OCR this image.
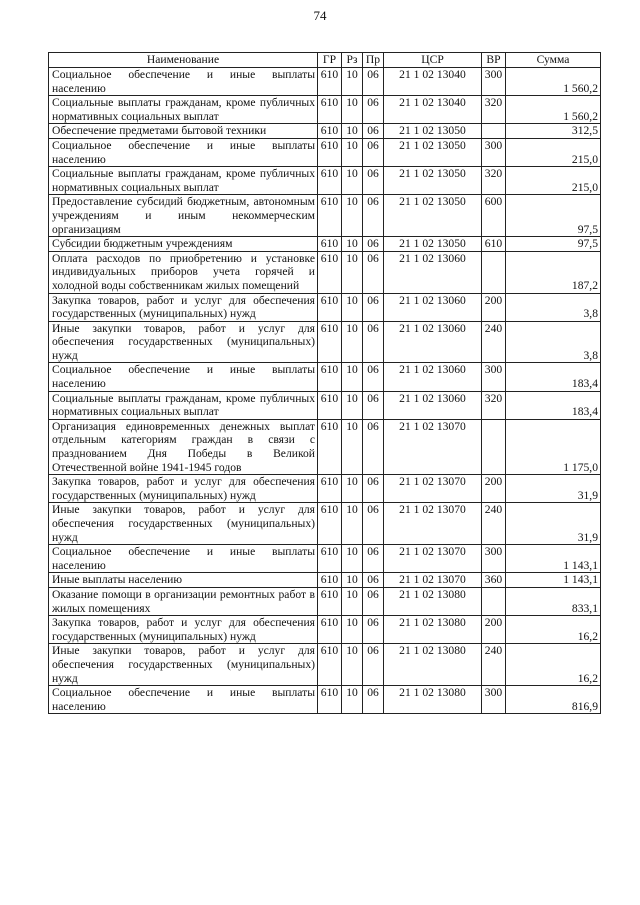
74
Наименование	ГР	Рз	Пр	ЦСР	ВР	Сумма
Социальное обеспечение и иные выплаты населению	610	10	06	21 1 02 13040	300	1 560,2
Социальные выплаты гражданам, кроме публичных нормативных социальных выплат	610	10	06	21 1 02 13040	320	1 560,2
Обеспечение предметами бытовой техники	610	10	06	21 1 02 13050		312,5
Социальное обеспечение и иные выплаты населению	610	10	06	21 1 02 13050	300	215,0
Социальные выплаты гражданам, кроме публичных нормативных социальных выплат	610	10	06	21 1 02 13050	320	215,0
Предоставление субсидий бюджетным, автономным учреждениям и иным некоммерческим организациям	610	10	06	21 1 02 13050	600	97,5
Субсидии бюджетным учреждениям	610	10	06	21 1 02 13050	610	97,5
Оплата расходов по приобретению и установке индивидуальных приборов учета горячей и холодной воды собственникам жилых помещений	610	10	06	21 1 02 13060		187,2
Закупка товаров, работ и услуг для обеспечения государственных (муниципальных) нужд	610	10	06	21 1 02 13060	200	3,8
Иные закупки товаров, работ и услуг для обеспечения государственных (муниципальных) нужд	610	10	06	21 1 02 13060	240	3,8
Социальное обеспечение и иные выплаты населению	610	10	06	21 1 02 13060	300	183,4
Социальные выплаты гражданам, кроме публичных нормативных социальных выплат	610	10	06	21 1 02 13060	320	183,4
Организация единовременных денежных выплат отдельным категориям граждан в связи с празднованием Дня Победы в Великой Отечественной войне 1941-1945 годов	610	10	06	21 1 02 13070		1 175,0
Закупка товаров, работ и услуг для обеспечения государственных (муниципальных) нужд	610	10	06	21 1 02 13070	200	31,9
Иные закупки товаров, работ и услуг для обеспечения государственных (муниципальных) нужд	610	10	06	21 1 02 13070	240	31,9
Социальное обеспечение и иные выплаты населению	610	10	06	21 1 02 13070	300	1 143,1
Иные выплаты населению	610	10	06	21 1 02 13070	360	1 143,1
Оказание помощи в организации ремонтных работ в жилых помещениях	610	10	06	21 1 02 13080		833,1
Закупка товаров, работ и услуг для обеспечения государственных (муниципальных) нужд	610	10	06	21 1 02 13080	200	16,2
Иные закупки товаров, работ и услуг для обеспечения государственных (муниципальных) нужд	610	10	06	21 1 02 13080	240	16,2
Социальное обеспечение и иные выплаты населению	610	10	06	21 1 02 13080	300	816,9
